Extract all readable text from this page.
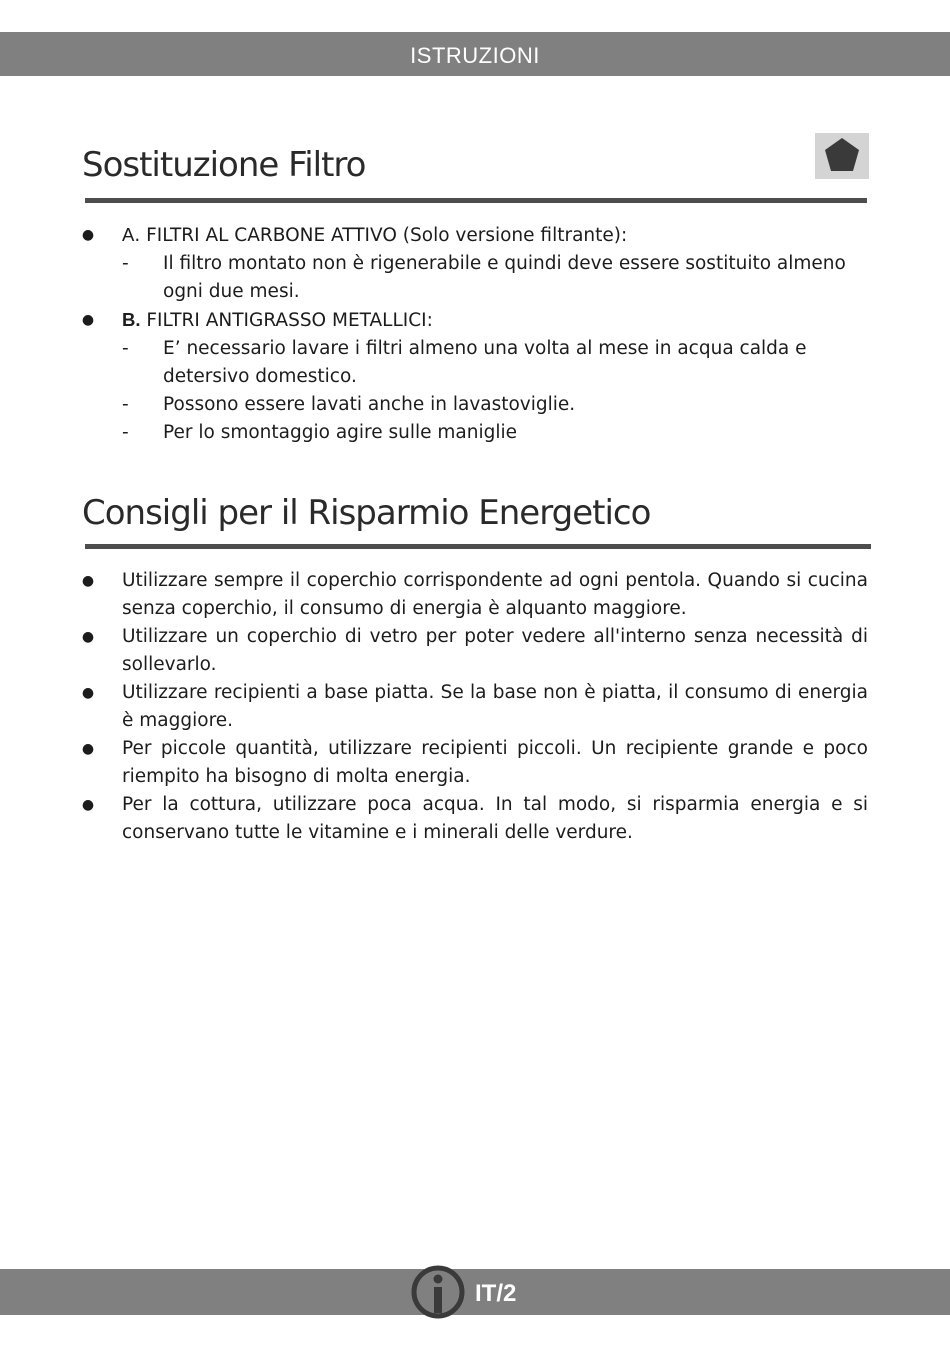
ISTRUZIONI
Sostituzione Filtro
● A. FILTRI AL CARBONE ATTIVO (Solo versione filtrante):
- Il filtro montato non è rigenerabile e quindi deve essere sostituito almeno ogni due mesi.
● B. FILTRI ANTIGRASSO METALLICI:
- E’ necessario lavare i filtri almeno una volta al mese in acqua calda e detersivo domestico.
- Possono essere lavati anche in lavastoviglie.
- Per lo smontaggio agire sulle maniglie
Consigli per il Risparmio Energetico
● Utilizzare sempre il coperchio corrispondente ad ogni pentola. Quando si cucina senza coperchio, il consumo di energia è alquanto maggiore.
● Utilizzare un coperchio di vetro per poter vedere all'interno senza necessità di sollevarlo.
● Utilizzare recipienti a base piatta. Se la base non è piatta, il consumo di energia è maggiore.
● Per piccole quantità, utilizzare recipienti piccoli. Un recipiente grande e poco riempito ha bisogno di molta energia.
● Per la cottura, utilizzare poca acqua. In tal modo, si risparmia energia e si conservano tutte le vitamine e i minerali delle verdure.
IT/2
